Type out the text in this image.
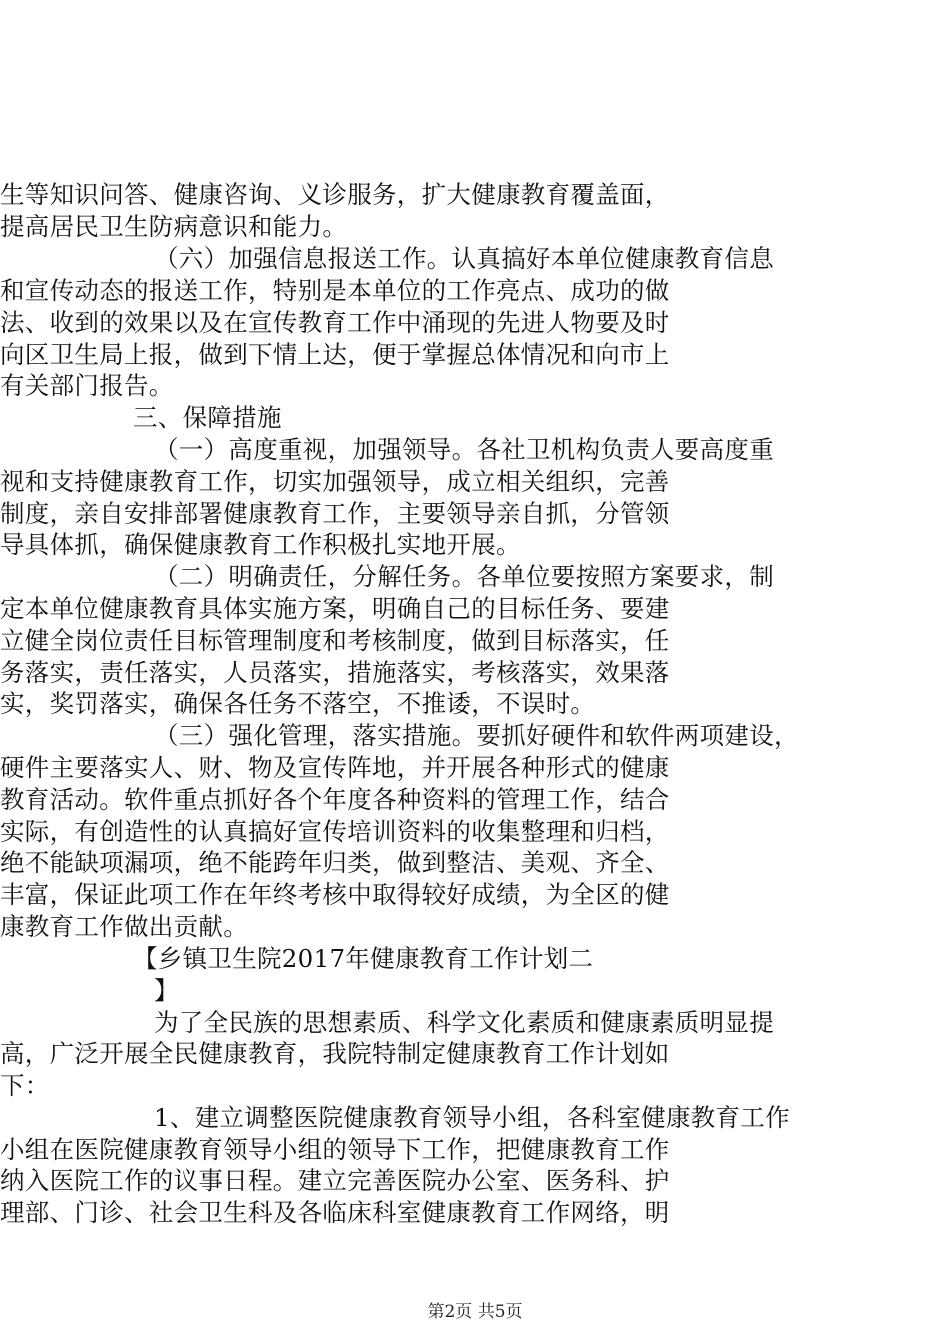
生等知识问答、健康咨询、义诊服务，扩大健康教育覆盖面，
提高居民卫生防病意识和能力。
（六）加强信息报送工作。认真搞好本单位健康教育信息
和宣传动态的报送工作，特别是本单位的工作亮点、成功的做
法、收到的效果以及在宣传教育工作中涌现的先进人物要及时
向区卫生局上报，做到下情上达，便于掌握总体情况和向市上
有关部门报告。
三、保障措施
（一）高度重视，加强领导。各社卫机构负责人要高度重
视和支持健康教育工作，切实加强领导，成立相关组织，完善
制度，亲自安排部署健康教育工作，主要领导亲自抓，分管领
导具体抓，确保健康教育工作积极扎实地开展。
（二）明确责任，分解任务。各单位要按照方案要求，制
定本单位健康教育具体实施方案，明确自己的目标任务、要建
立健全岗位责任目标管理制度和考核制度，做到目标落实，任
务落实，责任落实，人员落实，措施落实，考核落实，效果落
实，奖罚落实，确保各任务不落空，不推诿，不误时。
（三）强化管理，落实措施。要抓好硬件和软件两项建设，
硬件主要落实人、财、物及宣传阵地，并开展各种形式的健康
教育活动。软件重点抓好各个年度各种资料的管理工作，结合
实际，有创造性的认真搞好宣传培训资料的收集整理和归档，
绝不能缺项漏项，绝不能跨年归类，做到整洁、美观、齐全、
丰富，保证此项工作在年终考核中取得较好成绩，为全区的健
康教育工作做出贡献。
【乡镇卫生院2017年健康教育工作计划二
】
为了全民族的思想素质、科学文化素质和健康素质明显提
高，广泛开展全民健康教育，我院特制定健康教育工作计划如
下：
1、建立调整医院健康教育领导小组，各科室健康教育工作
小组在医院健康教育领导小组的领导下工作，把健康教育工作
纳入医院工作的议事日程。建立完善医院办公室、医务科、护
理部、门诊、社会卫生科及各临床科室健康教育工作网络，明
第2页 共5页
